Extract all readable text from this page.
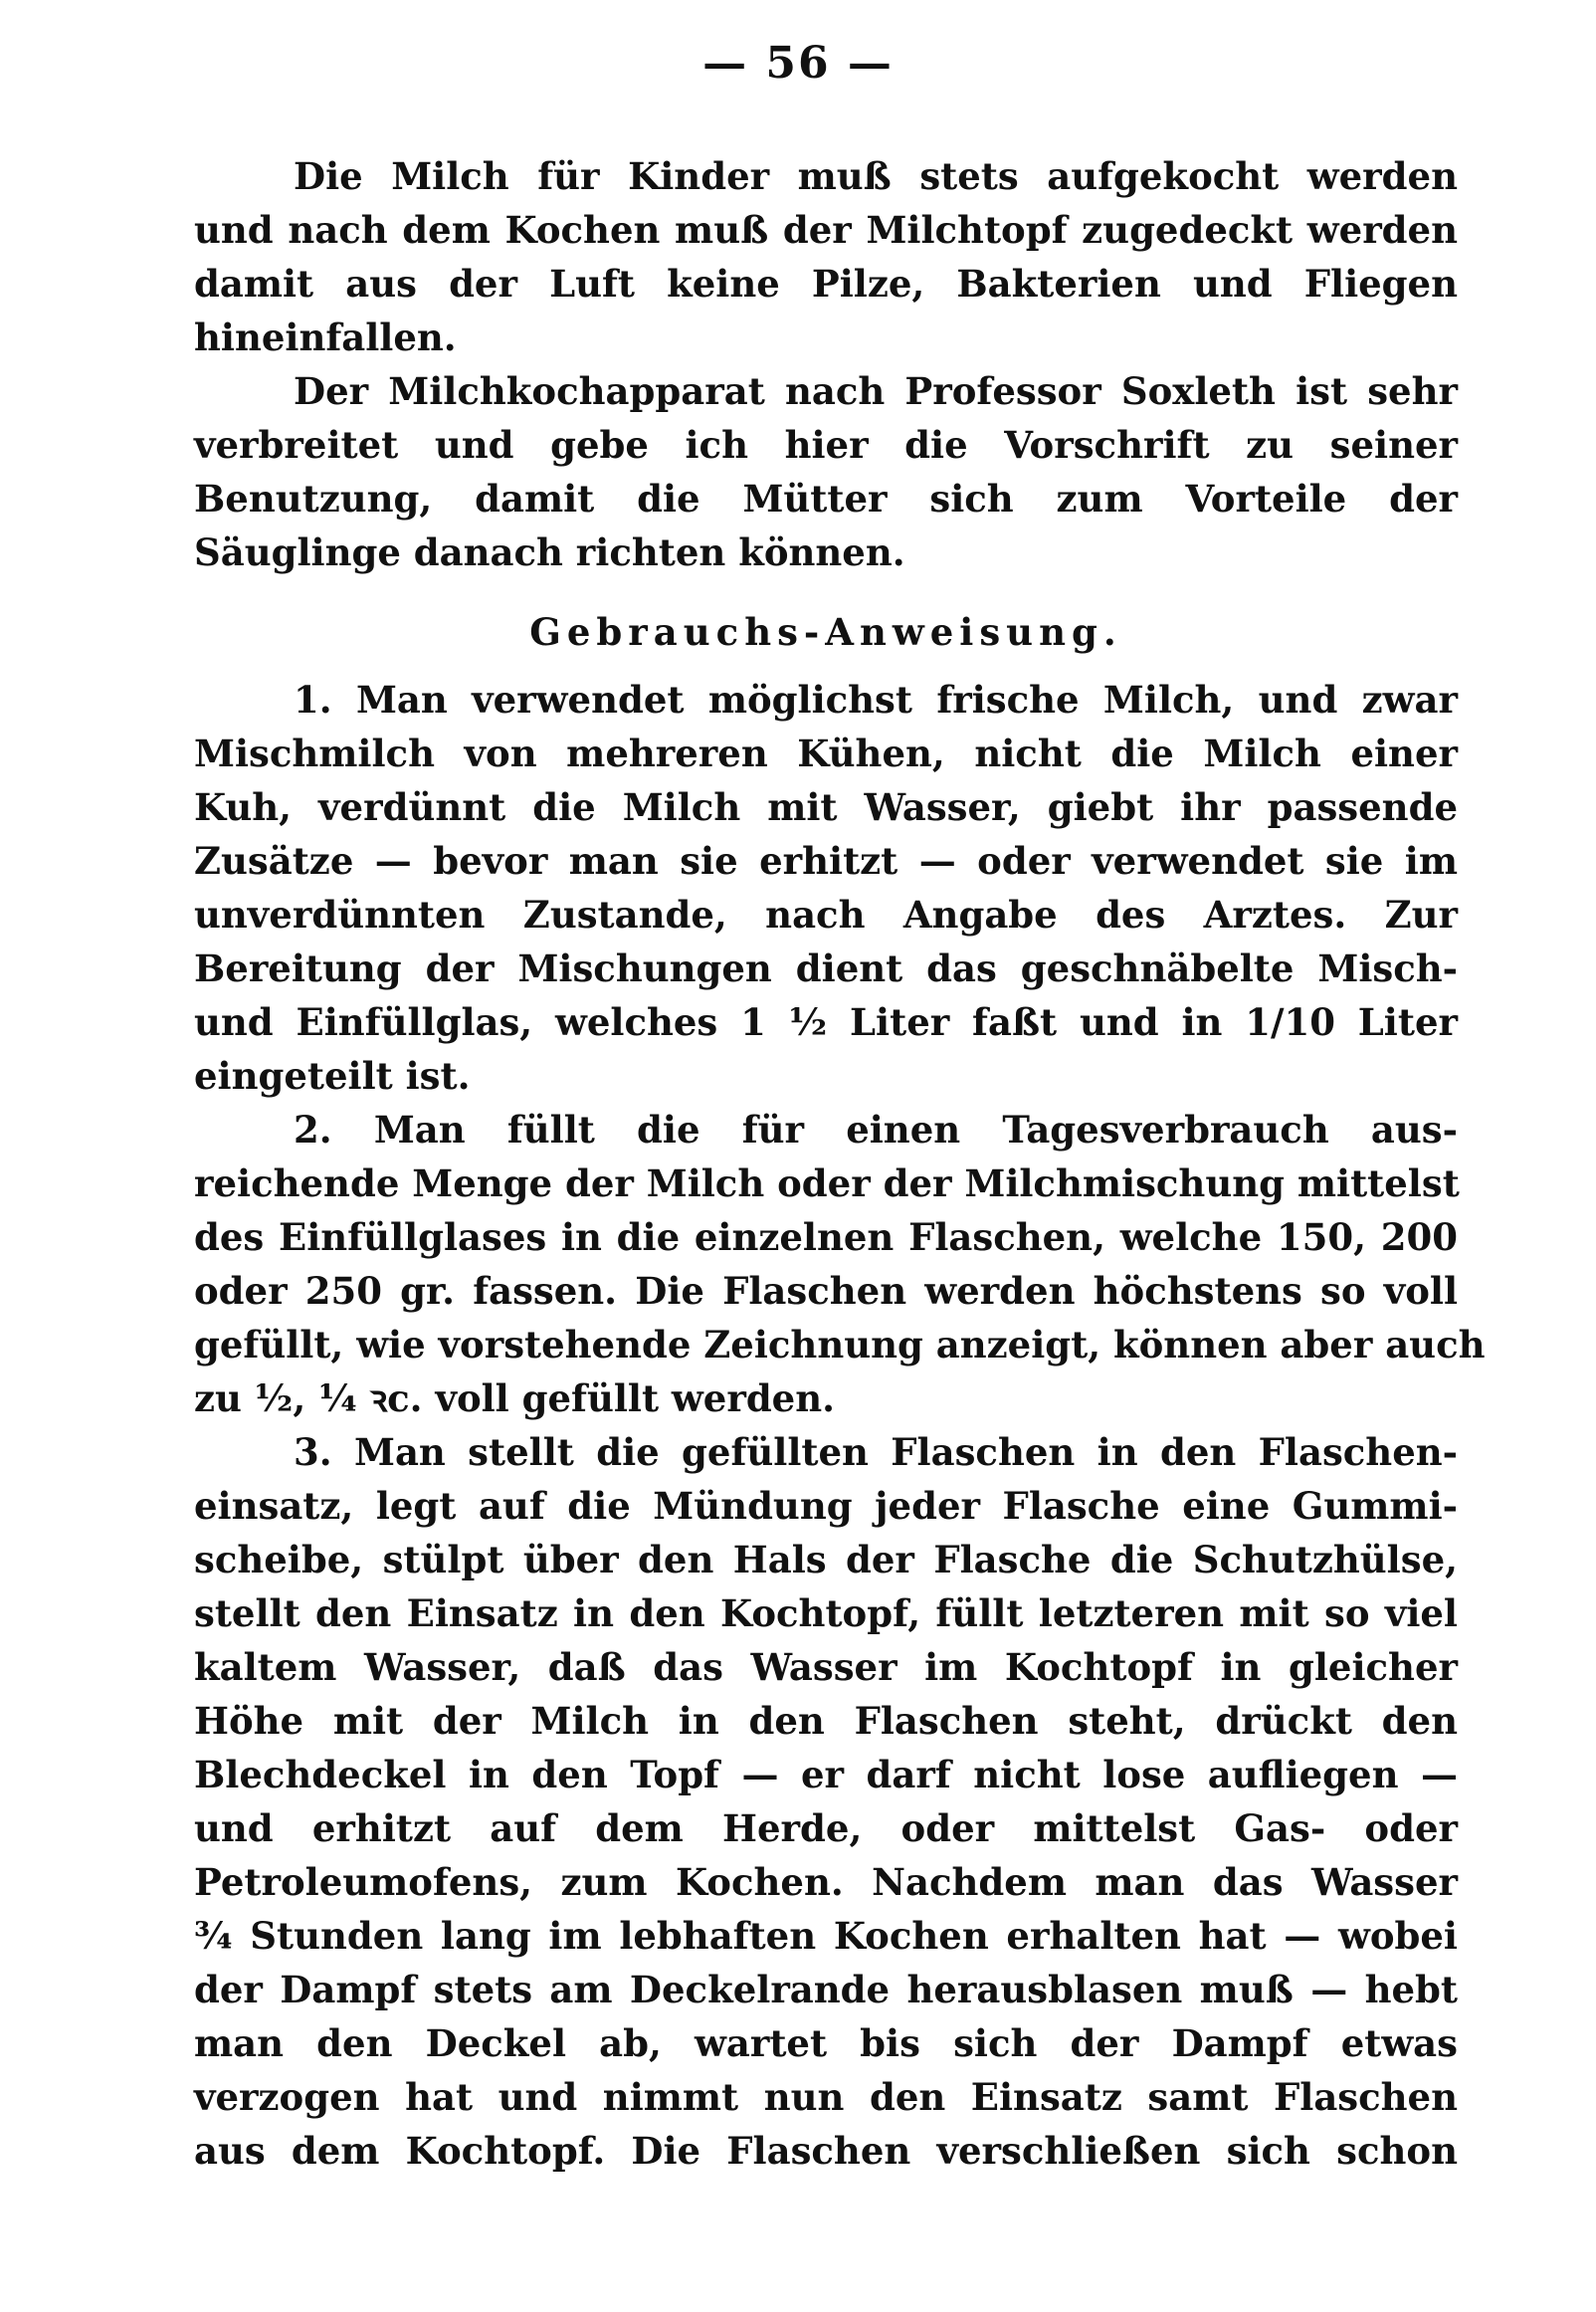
— 56 —
Die Milch für Kinder muß stets aufgekocht werden
und nach dem Kochen muß der Milchtopf zugedeckt werden
damit aus der Luft keine Pilze, Bakterien und Fliegen
hineinfallen.
Der Milchkochapparat nach Professor Soxleth ist sehr
verbreitet und gebe ich hier die Vorschrift zu seiner
Benutzung, damit die Mütter sich zum Vorteile der
Säuglinge danach richten können.
Gebrauchs-Anweisung.
1. Man verwendet möglichst frische Milch, und zwar
Mischmilch von mehreren Kühen, nicht die Milch einer
Kuh, verdünnt die Milch mit Wasser, giebt ihr passende
Zusätze — bevor man sie erhitzt — oder verwendet sie im
unverdünnten Zustande, nach Angabe des Arztes. Zur
Bereitung der Mischungen dient das geschnäbelte Misch-
und Einfüllglas, welches 1 ½ Liter faßt und in 1/10 Liter
eingeteilt ist.
2. Man füllt die für einen Tagesverbrauch aus-
reichende Menge der Milch oder der Milchmischung mittelst
des Einfüllglases in die einzelnen Flaschen, welche 150, 200
oder 250 gr. fassen. Die Flaschen werden höchstens so voll
gefüllt, wie vorstehende Zeichnung anzeigt, können aber auch
zu ½, ¼ ꝛc. voll gefüllt werden.
3. Man stellt die gefüllten Flaschen in den Flaschen-
einsatz, legt auf die Mündung jeder Flasche eine Gummi-
scheibe, stülpt über den Hals der Flasche die Schutzhülse,
stellt den Einsatz in den Kochtopf, füllt letzteren mit so viel
kaltem Wasser, daß das Wasser im Kochtopf in gleicher
Höhe mit der Milch in den Flaschen steht, drückt den
Blechdeckel in den Topf — er darf nicht lose aufliegen —
und erhitzt auf dem Herde, oder mittelst Gas- oder
Petroleumofens, zum Kochen. Nachdem man das Wasser
¾ Stunden lang im lebhaften Kochen erhalten hat — wobei
der Dampf stets am Deckelrande herausblasen muß — hebt
man den Deckel ab, wartet bis sich der Dampf etwas
verzogen hat und nimmt nun den Einsatz samt Flaschen
aus dem Kochtopf. Die Flaschen verschließen sich schon
